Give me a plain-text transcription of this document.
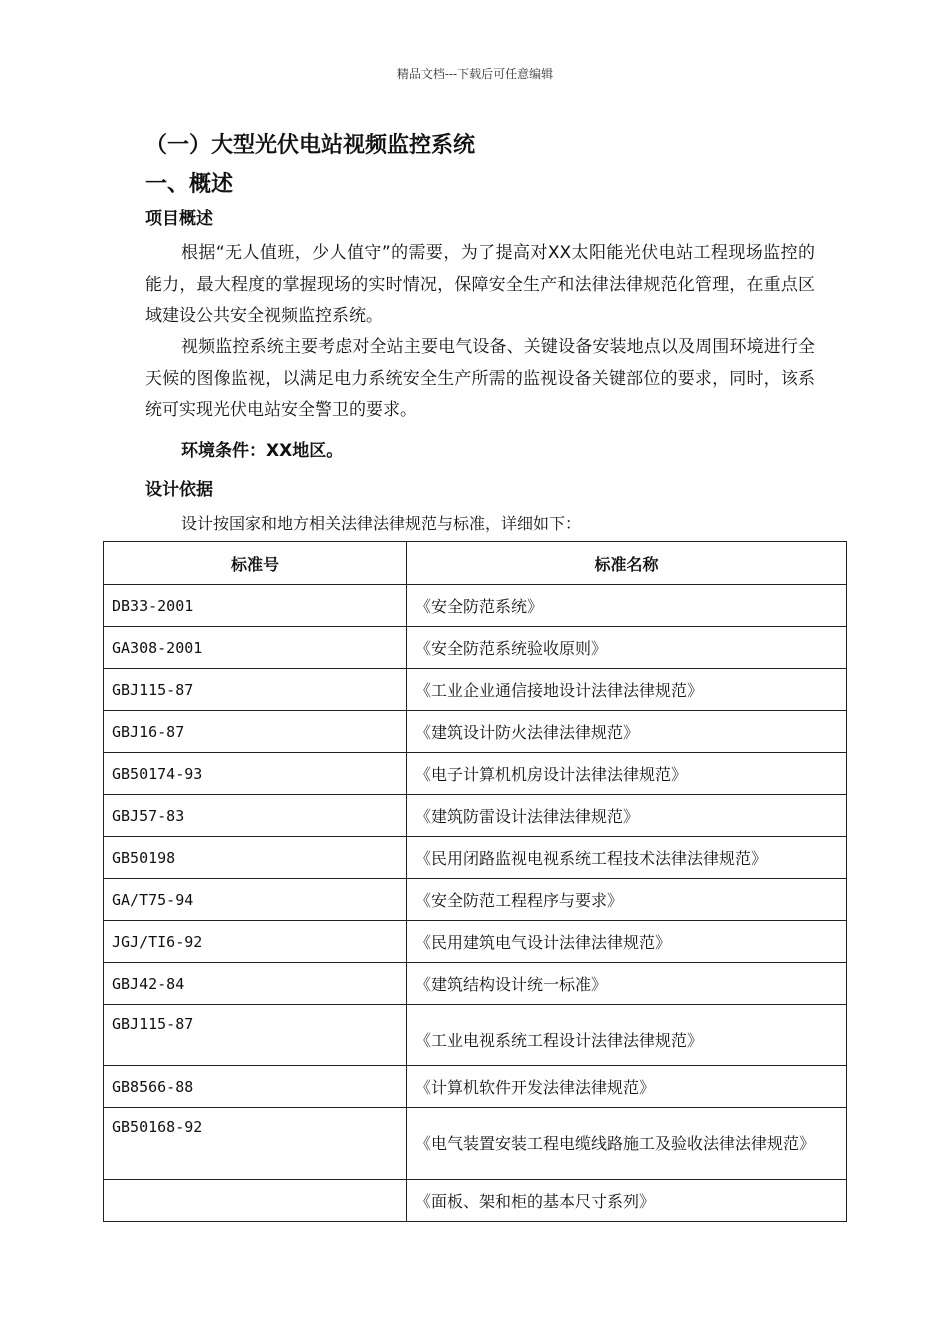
精品文档---下载后可任意编辑
（一）大型光伏电站视频监控系统
一、概述
项目概述
根据“无人值班，少人值守”的需要，为了提高对XX太阳能光伏电站工程现场监控的能力，最大程度的掌握现场的实时情况，保障安全生产和法律法律规范化管理，在重点区域建设公共安全视频监控系统。
视频监控系统主要考虑对全站主要电气设备、关键设备安装地点以及周围环境进行全天候的图像监视，以满足电力系统安全生产所需的监视设备关键部位的要求，同时，该系统可实现光伏电站安全警卫的要求。
环境条件：XX地区。
设计依据
设计按国家和地方相关法律法律规范与标准，详细如下：
标准号	标准名称
DB33-2001	《安全防范系统》
GA308-2001	《安全防范系统验收原则》
GBJ115-87	《工业企业通信接地设计法律法律规范》
GBJ16-87	《建筑设计防火法律法律规范》
GB50174-93	《电子计算机机房设计法律法律规范》
GBJ57-83	《建筑防雷设计法律法律规范》
GB50198	《民用闭路监视电视系统工程技术法律法律规范》
GA/T75-94	《安全防范工程程序与要求》
JGJ/TI6-92	《民用建筑电气设计法律法律规范》
GBJ42-84	《建筑结构设计统一标准》
GBJ115-87	《工业电视系统工程设计法律法律规范》
GB8566-88	《计算机软件开发法律法律规范》
GB50168-92	《电气装置安装工程电缆线路施工及验收法律法律规范》
	《面板、架和柜的基本尺寸系列》
